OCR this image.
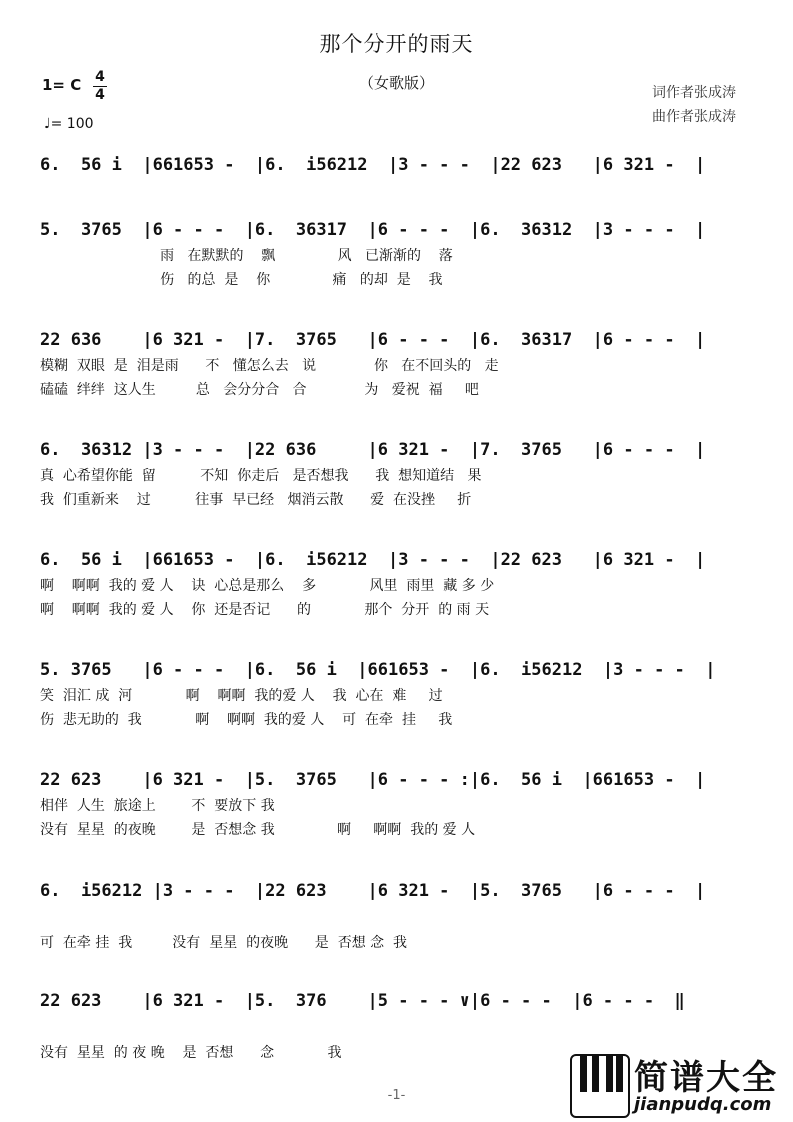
那个分开的雨天
（女歌版）
1= C 4
4
♩= 100
词作者张成涛
曲作者张成涛
6.  56 i  |661653 -  |6.  i56212  |3 - - -  |22 623   |6 321 -  |
5.  3765  |6 - - -  |6.  36317  |6 - - -  |6.  36312  |3 - - -  |
雨   在默默的    飘              风   已渐渐的    落
伤   的总  是    你              痛   的却  是    我
22 636    |6 321 -  |7.  3765   |6 - - -  |6.  36317  |6 - - -  |
模糊  双眼  是  泪是雨      不   懂怎么去   说             你   在不回头的   走
磕磕  绊绊  这人生         总   会分分合   合             为   爱祝  福     吧
6.  36312 |3 - - -  |22 636     |6 321 -  |7.  3765   |6 - - -  |
真  心希望你能  留          不知  你走后   是否想我      我  想知道结   果
我  们重新来    过          往事  早已经   烟消云散      爱  在没挫     折
6.  56 i  |661653 -  |6.  i56212  |3 - - -  |22 623   |6 321 -  |
啊    啊啊  我的 爱 人    诀  心总是那么    多            风里  雨里  藏 多 少
啊    啊啊  我的 爱 人    你  还是否记      的            那个  分开  的 雨 天
5. 3765   |6 - - -  |6.  56 i  |661653 -  |6.  i56212  |3 - - -  |
笑  泪汇 成  河            啊    啊啊  我的爱 人    我  心在  难     过
伤  悲无助的  我            啊    啊啊  我的爱 人    可  在牵  挂     我
22 623    |6 321 -  |5.  3765   |6 - - - :|6.  56 i  |661653 -  |
相伴  人生  旅途上        不  要放下 我
没有  星星  的夜晚        是  否想念 我              啊     啊啊  我的 爱 人
6.  i56212 |3 - - -  |22 623    |6 321 -  |5.  3765   |6 - - -  |
可  在牵 挂  我         没有  星星  的夜晚      是  否想 念  我
22 623    |6 321 -  |5.  376    |5 - - - ∨|6 - - -  |6 - - -  ‖
没有  星星  的 夜 晚    是  否想      念            我
-1-	简谱大全
jianpudq.com
